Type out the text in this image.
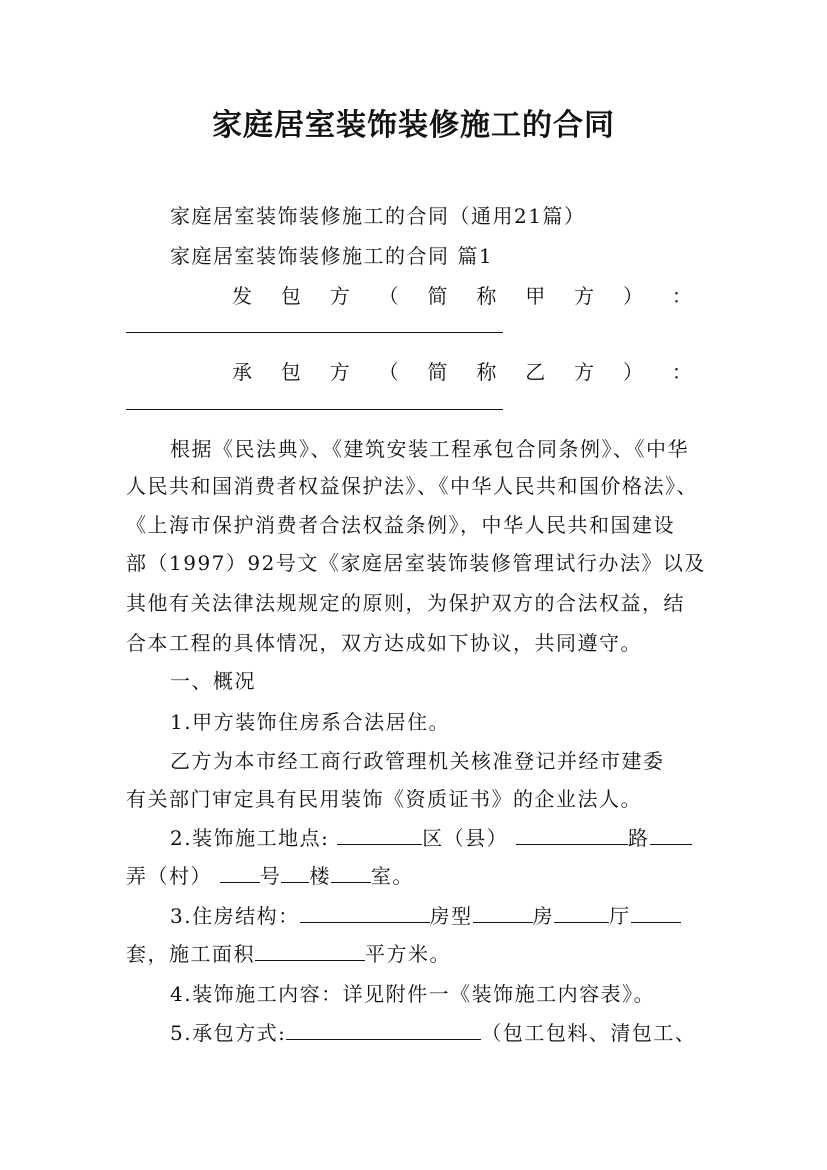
家庭居室装饰装修施工的合同
家庭居室装饰装修施工的合同（通用21篇）
家庭居室装饰装修施工的合同 篇1
发 包 方 （ 简 称 甲 方 ） ：
承 包 方 （ 简 称 乙 方 ） ：
根据《民法典》、《建筑安装工程承包合同条例》、《中华
人民共和国消费者权益保护法》、《中华人民共和国价格法》、
《上海市保护消费者合法权益条例》，中华人民共和国建设
部（1997）92号文《家庭居室装饰装修管理试行办法》以及
其他有关法律法规规定的原则，为保护双方的合法权益，结
合本工程的具体情况，双方达成如下协议，共同遵守。
一、概况
1.甲方装饰住房系合法居住。
乙方为本市经工商行政管理机关核准登记并经市建委
有关部门审定具有民用装饰《资质证书》的企业法人。
2.装饰施工地点:	区（县）	路
弄（村） 号 楼 室。
3.住房结构：	房型	房	厅
套，施工面积	平方米。
4.装饰施工内容：详见附件一《装饰施工内容表》。
5.承包方式:	（包工包料、清包工、
